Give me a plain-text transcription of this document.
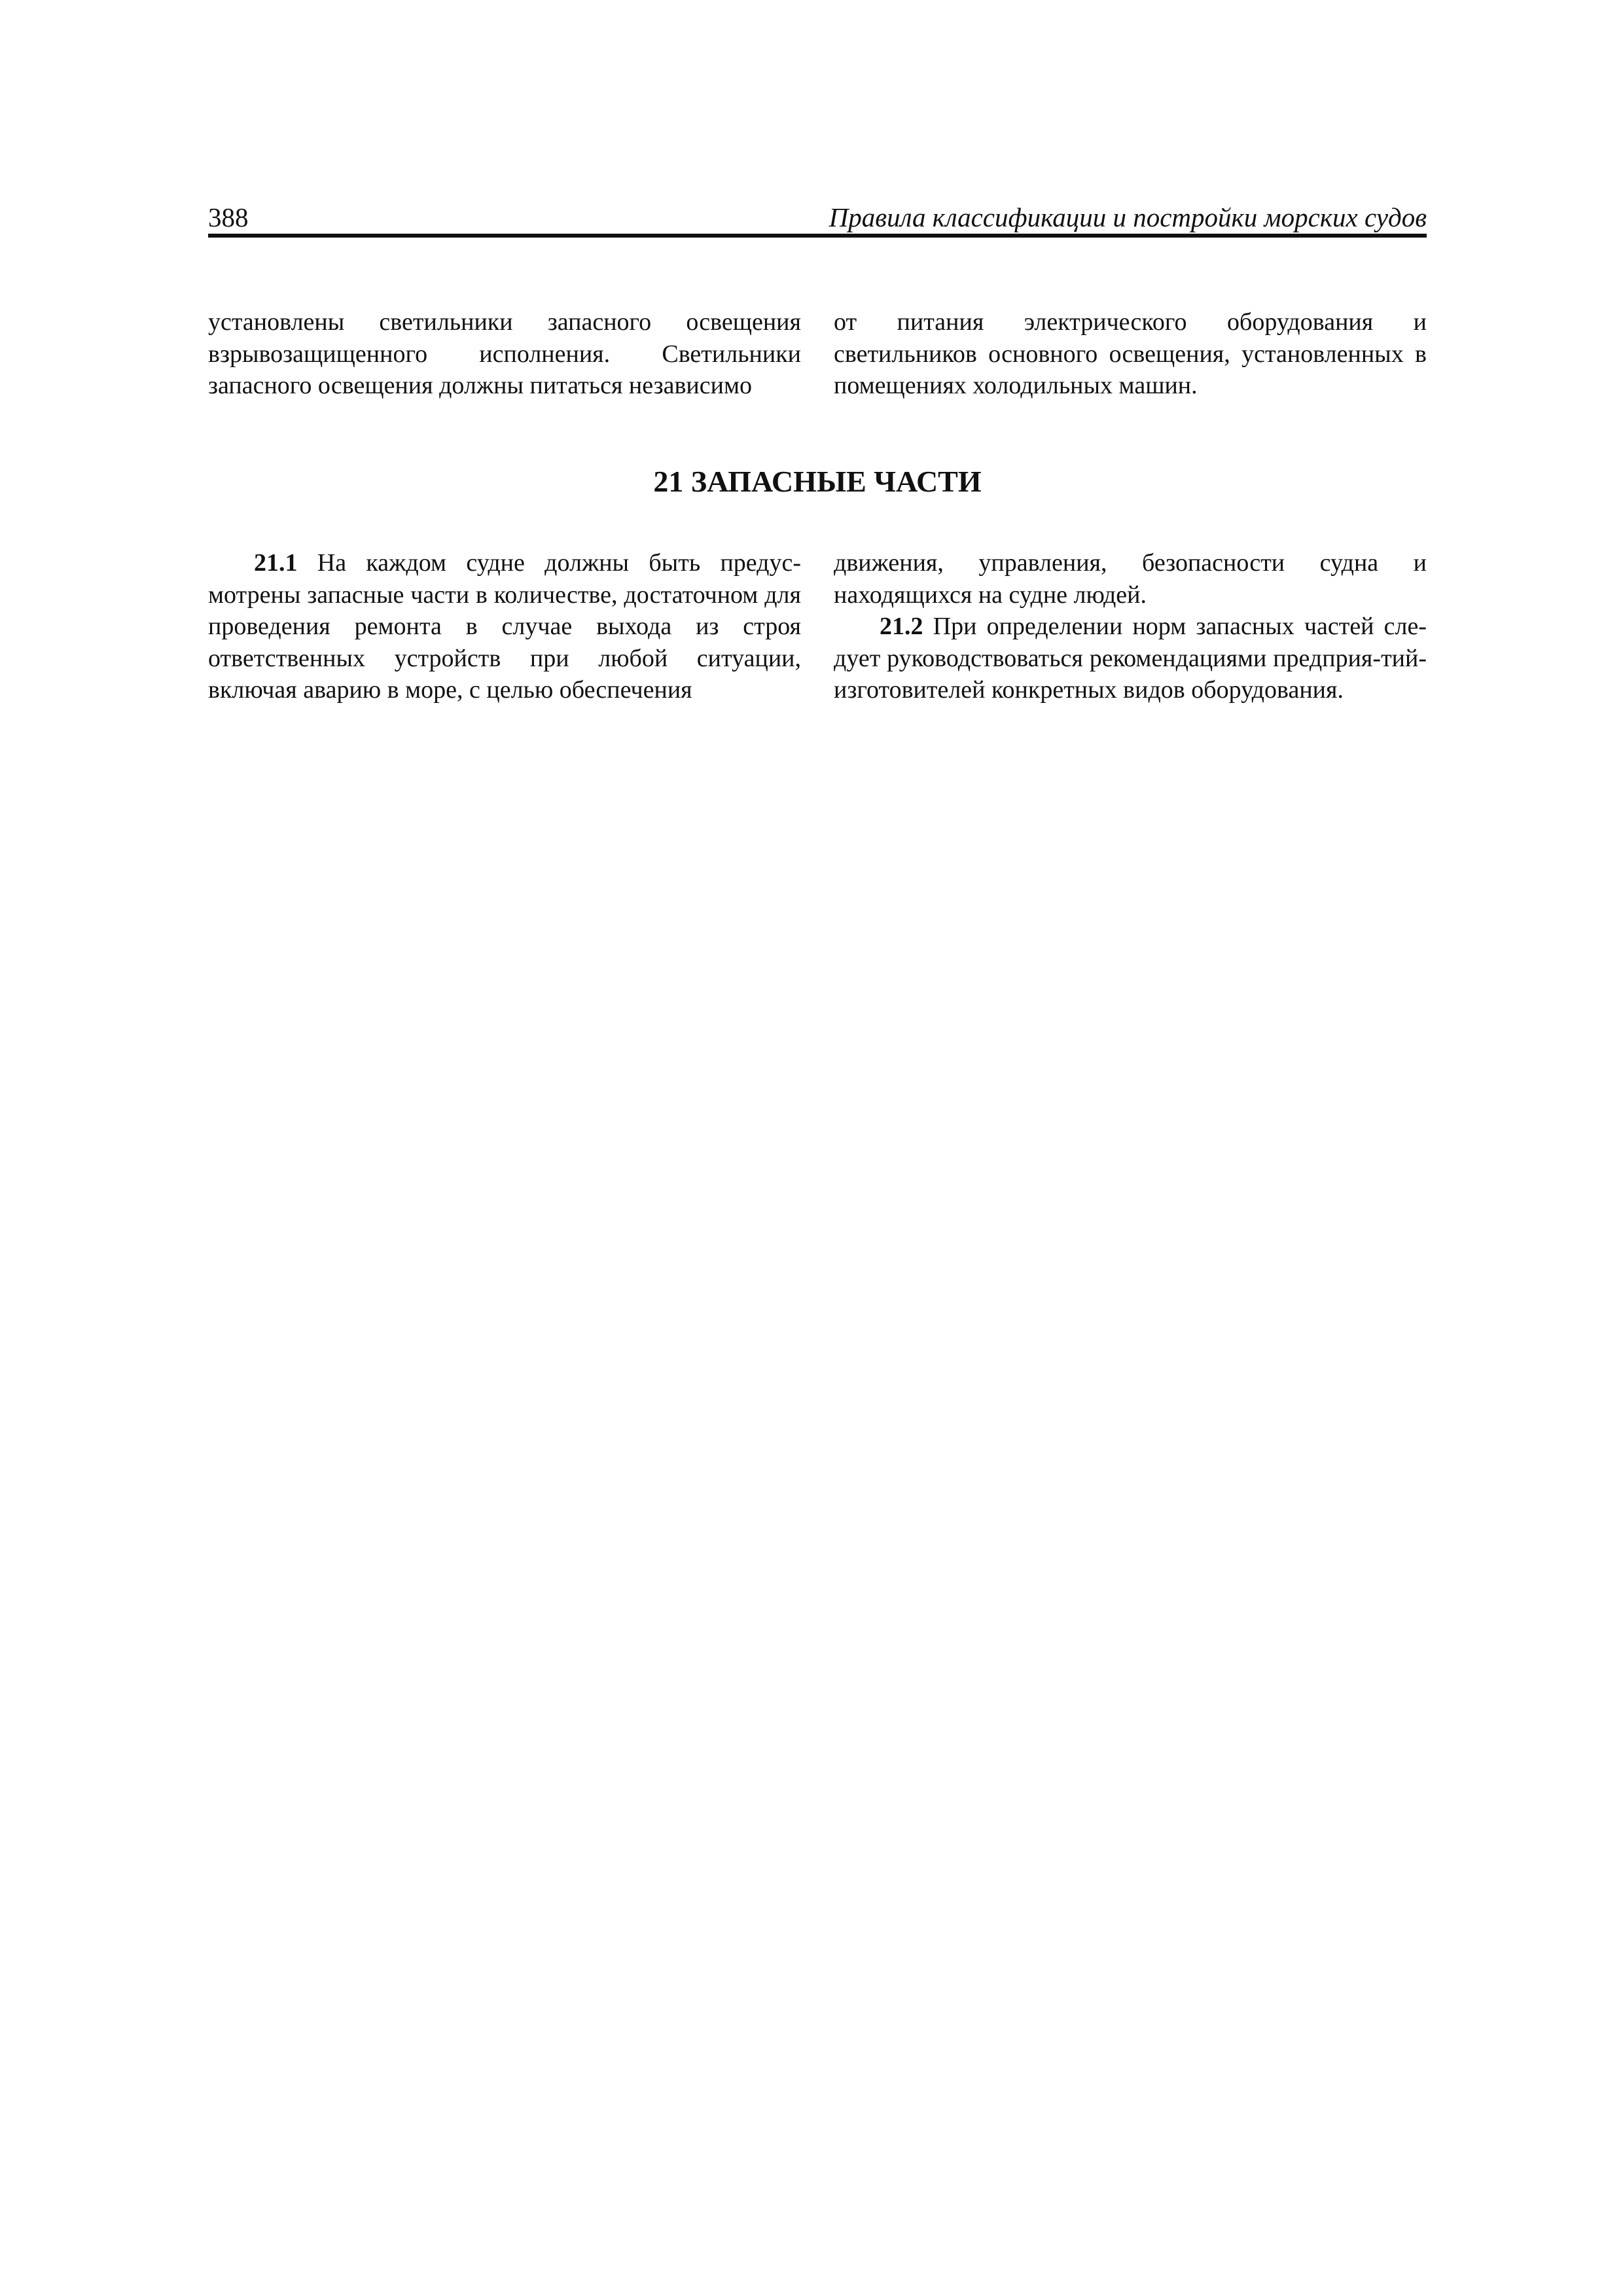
388	Правила классификации и постройки морских судов

установлены светильники запасного освещения взрывозащищенного исполнения. Светильники запасного освещения должны питаться независимо

от питания электрического оборудования и светильников основного освещения, установленных в помещениях холодильных машин.

21 ЗАПАСНЫЕ ЧАСТИ

21.1 На каждом судне должны быть предус-мотрены запасные части в количестве, достаточном для проведения ремонта в случае выхода из строя ответственных устройств при любой ситуации, включая аварию в море, с целью обеспечения

движения, управления, безопасности судна и находящихся на судне людей.

21.2 При определении норм запасных частей сле-дует руководствоваться рекомендациями предприя-тий-изготовителей конкретных видов оборудования.
